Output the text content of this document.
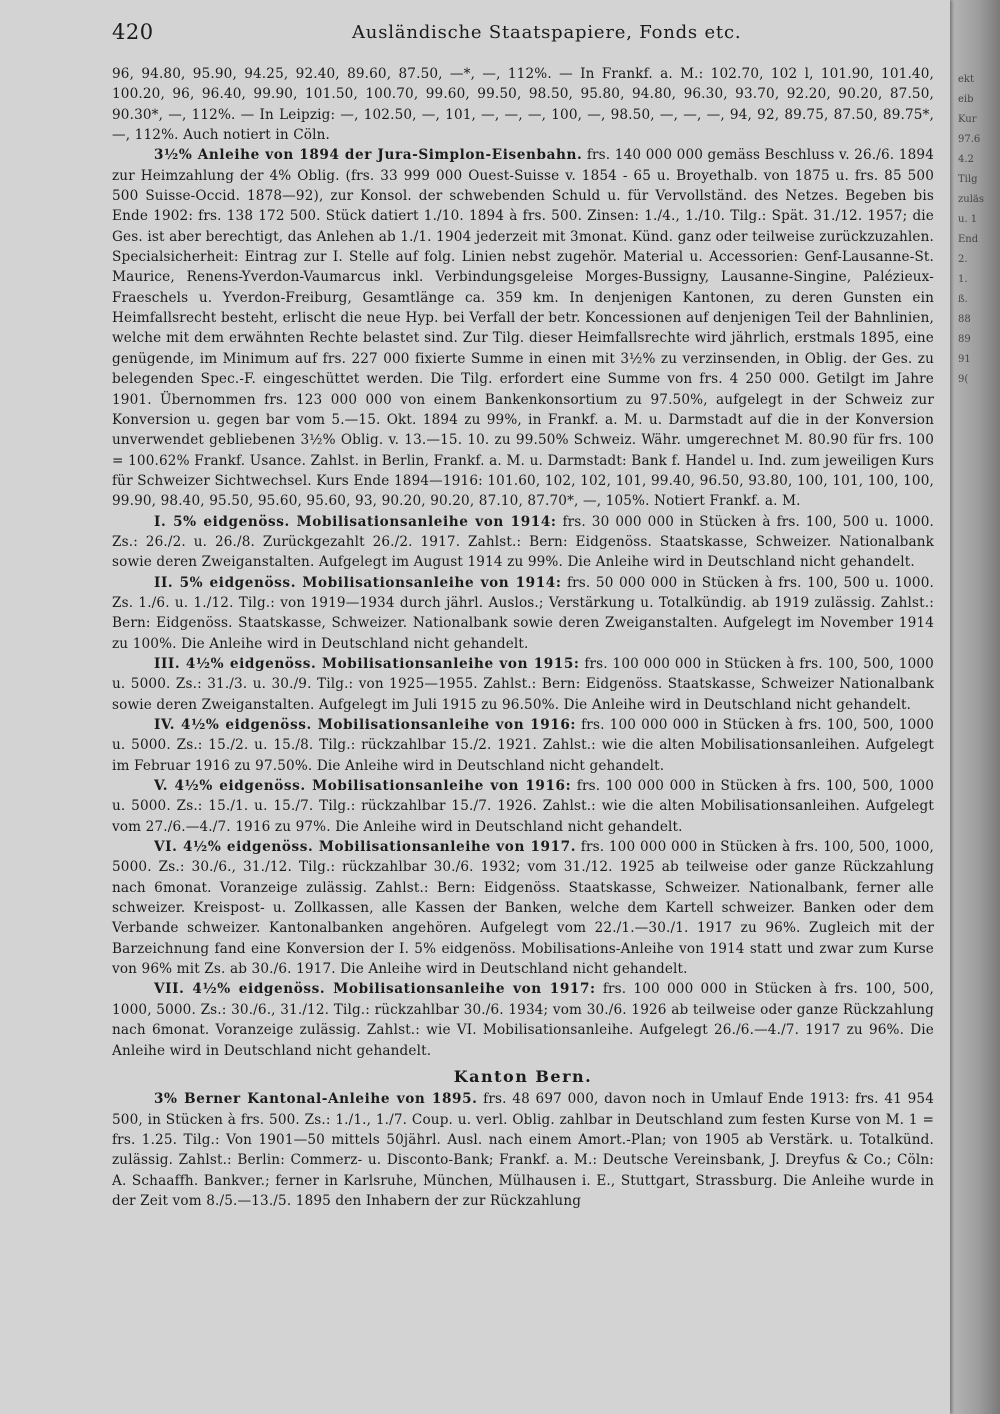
ekt
eib
Kur
97.6
4.2
Tilg
zuläs
u. 1
End
2.
1.
ß.
88
89
91
9(
420	Ausländische Staatspapiere, Fonds etc.

96, 94.80, 95.90, 94.25, 92.40, 89.60, 87.50, —*, —, 112%. — In Frankf. a. M.: 102.70, 102 l, 101.90, 101.40, 100.20, 96, 96.40, 99.90, 101.50, 100.70, 99.60, 99.50, 98.50, 95.80, 94.80, 96.30, 93.70, 92.20, 90.20, 87.50, 90.30*, —, 112%. — In Leipzig: —, 102.50, —, 101, —, —, —, 100, —, 98.50, —, —, —, 94, 92, 89.75, 87.50, 89.75*, —, 112%. Auch notiert in Cöln.

3½% Anleihe von 1894 der Jura-Simplon-Eisenbahn. frs. 140 000 000 gemäss Beschluss v. 26./6. 1894 zur Heimzahlung der 4% Oblig. (frs. 33 999 000 Ouest-Suisse v. 1854 - 65 u. Broyethalb. von 1875 u. frs. 85 500 500 Suisse-Occid. 1878—92), zur Konsol. der schwebenden Schuld u. für Vervollständ. des Netzes. Begeben bis Ende 1902: frs. 138 172 500. Stück datiert 1./10. 1894 à frs. 500. Zinsen: 1./4., 1./10. Tilg.: Spät. 31./12. 1957; die Ges. ist aber berechtigt, das Anlehen ab 1./1. 1904 jederzeit mit 3monat. Künd. ganz oder teilweise zurückzuzahlen. Specialsicherheit: Eintrag zur I. Stelle auf folg. Linien nebst zugehör. Material u. Accessorien: Genf-Lausanne-St. Maurice, Renens-Yverdon-Vaumarcus inkl. Verbindungsgeleise Morges-Bussigny, Lausanne-Singine, Palézieux-Fraeschels u. Yverdon-Freiburg, Gesamtlänge ca. 359 km. In denjenigen Kantonen, zu deren Gunsten ein Heimfallsrecht besteht, erlischt die neue Hyp. bei Verfall der betr. Koncessionen auf denjenigen Teil der Bahnlinien, welche mit dem erwähnten Rechte belastet sind. Zur Tilg. dieser Heimfallsrechte wird jährlich, erstmals 1895, eine genügende, im Minimum auf frs. 227 000 fixierte Summe in einen mit 3½% zu verzinsenden, in Oblig. der Ges. zu belegenden Spec.-F. eingeschüttet werden. Die Tilg. erfordert eine Summe von frs. 4 250 000. Getilgt im Jahre 1901. Übernommen frs. 123 000 000 von einem Bankenkonsortium zu 97.50%, aufgelegt in der Schweiz zur Konversion u. gegen bar vom 5.—15. Okt. 1894 zu 99%, in Frankf. a. M. u. Darmstadt auf die in der Konversion unverwendet gebliebenen 3½% Oblig. v. 13.—15. 10. zu 99.50% Schweiz. Währ. umgerechnet M. 80.90 für frs. 100 = 100.62% Frankf. Usance. Zahlst. in Berlin, Frankf. a. M. u. Darmstadt: Bank f. Handel u. Ind. zum jeweiligen Kurs für Schweizer Sichtwechsel. Kurs Ende 1894—1916: 101.60, 102, 102, 101, 99.40, 96.50, 93.80, 100, 101, 100, 100, 99.90, 98.40, 95.50, 95.60, 95.60, 93, 90.20, 90.20, 87.10, 87.70*, —, 105%. Notiert Frankf. a. M.

I. 5% eidgenöss. Mobilisationsanleihe von 1914: frs. 30 000 000 in Stücken à frs. 100, 500 u. 1000. Zs.: 26./2. u. 26./8. Zurückgezahlt 26./2. 1917. Zahlst.: Bern: Eidgenöss. Staatskasse, Schweizer. Nationalbank sowie deren Zweiganstalten. Aufgelegt im August 1914 zu 99%. Die Anleihe wird in Deutschland nicht gehandelt.

II. 5% eidgenöss. Mobilisationsanleihe von 1914: frs. 50 000 000 in Stücken à frs. 100, 500 u. 1000. Zs. 1./6. u. 1./12. Tilg.: von 1919—1934 durch jährl. Auslos.; Verstärkung u. Totalkündig. ab 1919 zulässig. Zahlst.: Bern: Eidgenöss. Staatskasse, Schweizer. Nationalbank sowie deren Zweiganstalten. Aufgelegt im November 1914 zu 100%. Die Anleihe wird in Deutschland nicht gehandelt.

III. 4½% eidgenöss. Mobilisationsanleihe von 1915: frs. 100 000 000 in Stücken à frs. 100, 500, 1000 u. 5000. Zs.: 31./3. u. 30./9. Tilg.: von 1925—1955. Zahlst.: Bern: Eidgenöss. Staatskasse, Schweizer Nationalbank sowie deren Zweiganstalten. Aufgelegt im Juli 1915 zu 96.50%. Die Anleihe wird in Deutschland nicht gehandelt.

IV. 4½% eidgenöss. Mobilisationsanleihe von 1916: frs. 100 000 000 in Stücken à frs. 100, 500, 1000 u. 5000. Zs.: 15./2. u. 15./8. Tilg.: rückzahlbar 15./2. 1921. Zahlst.: wie die alten Mobilisationsanleihen. Aufgelegt im Februar 1916 zu 97.50%. Die Anleihe wird in Deutschland nicht gehandelt.

V. 4½% eidgenöss. Mobilisationsanleihe von 1916: frs. 100 000 000 in Stücken à frs. 100, 500, 1000 u. 5000. Zs.: 15./1. u. 15./7. Tilg.: rückzahlbar 15./7. 1926. Zahlst.: wie die alten Mobilisationsanleihen. Aufgelegt vom 27./6.—4./7. 1916 zu 97%. Die Anleihe wird in Deutschland nicht gehandelt.

VI. 4½% eidgenöss. Mobilisationsanleihe von 1917. frs. 100 000 000 in Stücken à frs. 100, 500, 1000, 5000. Zs.: 30./6., 31./12. Tilg.: rückzahlbar 30./6. 1932; vom 31./12. 1925 ab teilweise oder ganze Rückzahlung nach 6monat. Voranzeige zulässig. Zahlst.: Bern: Eidgenöss. Staatskasse, Schweizer. Nationalbank, ferner alle schweizer. Kreispost- u. Zollkassen, alle Kassen der Banken, welche dem Kartell schweizer. Banken oder dem Verbande schweizer. Kantonalbanken angehören. Aufgelegt vom 22./1.—30./1. 1917 zu 96%. Zugleich mit der Barzeichnung fand eine Konversion der I. 5% eidgenöss. Mobilisations-Anleihe von 1914 statt und zwar zum Kurse von 96% mit Zs. ab 30./6. 1917. Die Anleihe wird in Deutschland nicht gehandelt.

VII. 4½% eidgenöss. Mobilisationsanleihe von 1917: frs. 100 000 000 in Stücken à frs. 100, 500, 1000, 5000. Zs.: 30./6., 31./12. Tilg.: rückzahlbar 30./6. 1934; vom 30./6. 1926 ab teilweise oder ganze Rückzahlung nach 6monat. Voranzeige zulässig. Zahlst.: wie VI. Mobilisationsanleihe. Aufgelegt 26./6.—4./7. 1917 zu 96%. Die Anleihe wird in Deutschland nicht gehandelt.

Kanton Bern.

3% Berner Kantonal-Anleihe von 1895. frs. 48 697 000, davon noch in Umlauf Ende 1913: frs. 41 954 500, in Stücken à frs. 500. Zs.: 1./1., 1./7. Coup. u. verl. Oblig. zahlbar in Deutschland zum festen Kurse von M. 1 = frs. 1.25. Tilg.: Von 1901—50 mittels 50jährl. Ausl. nach einem Amort.-Plan; von 1905 ab Verstärk. u. Totalkünd. zulässig. Zahlst.: Berlin: Commerz- u. Disconto-Bank; Frankf. a. M.: Deutsche Vereinsbank, J. Dreyfus & Co.; Cöln: A. Schaaffh. Bankver.; ferner in Karlsruhe, München, Mülhausen i. E., Stuttgart, Strassburg. Die Anleihe wurde in der Zeit vom 8./5.—13./5. 1895 den Inhabern der zur Rückzahlung
